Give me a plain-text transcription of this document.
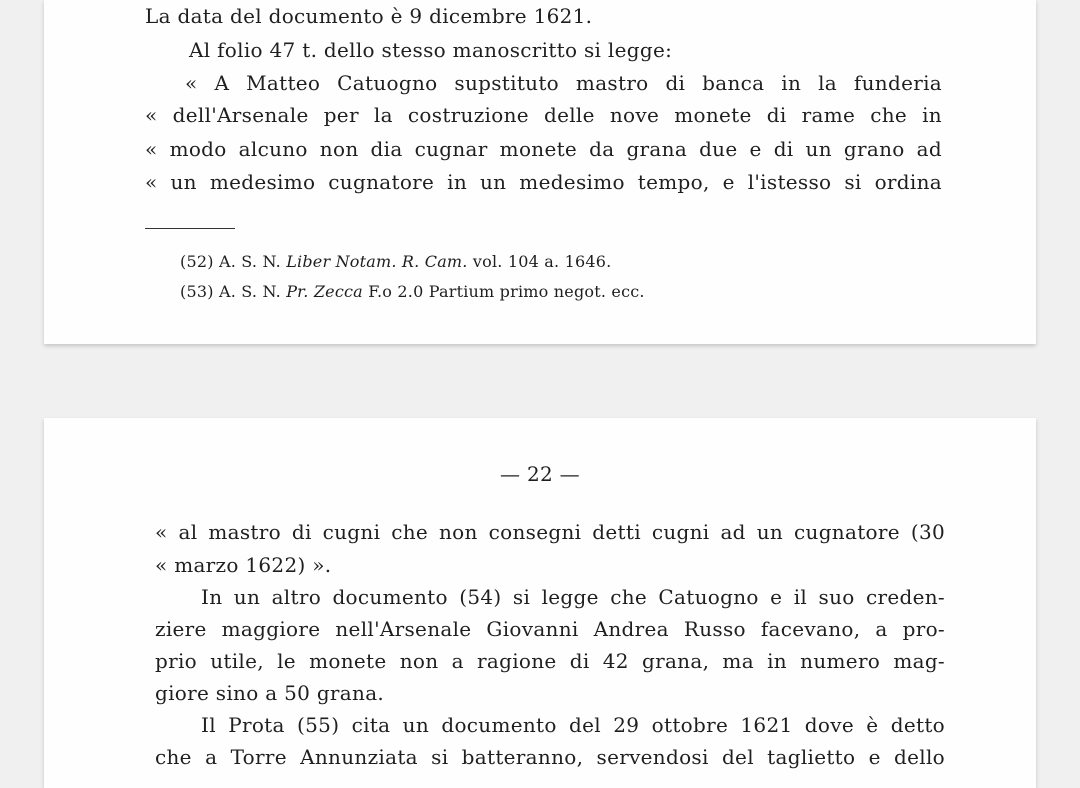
La data del documento è 9 dicembre 1621.
Al folio 47 t. dello stesso manoscritto si legge:
« A Matteo Catuogno supstituto mastro di banca in la funderia
« dell'Arsenale per la costruzione delle nove monete di rame che in
« modo alcuno non dia cugnar monete da grana due e di un grano ad
« un medesimo cugnatore in un medesimo tempo, e l'istesso si ordina
(52) A. S. N. Liber Notam. R. Cam. vol. 104 a. 1646.
(53) A. S. N. Pr. Zecca F.o 2.0 Partium primo negot. ecc.
— 22 —
« al mastro di cugni che non consegni detti cugni ad un cugnatore (30
« marzo 1622) ».
In un altro documento (54) si legge che Catuogno e il suo creden-
ziere maggiore nell'Arsenale Giovanni Andrea Russo facevano, a pro-
prio utile, le monete non a ragione di 42 grana, ma in numero mag-
giore sino a 50 grana.
Il Prota (55) cita un documento del 29 ottobre 1621 dove è detto
che a Torre Annunziata si batteranno, servendosi del taglietto e dello
